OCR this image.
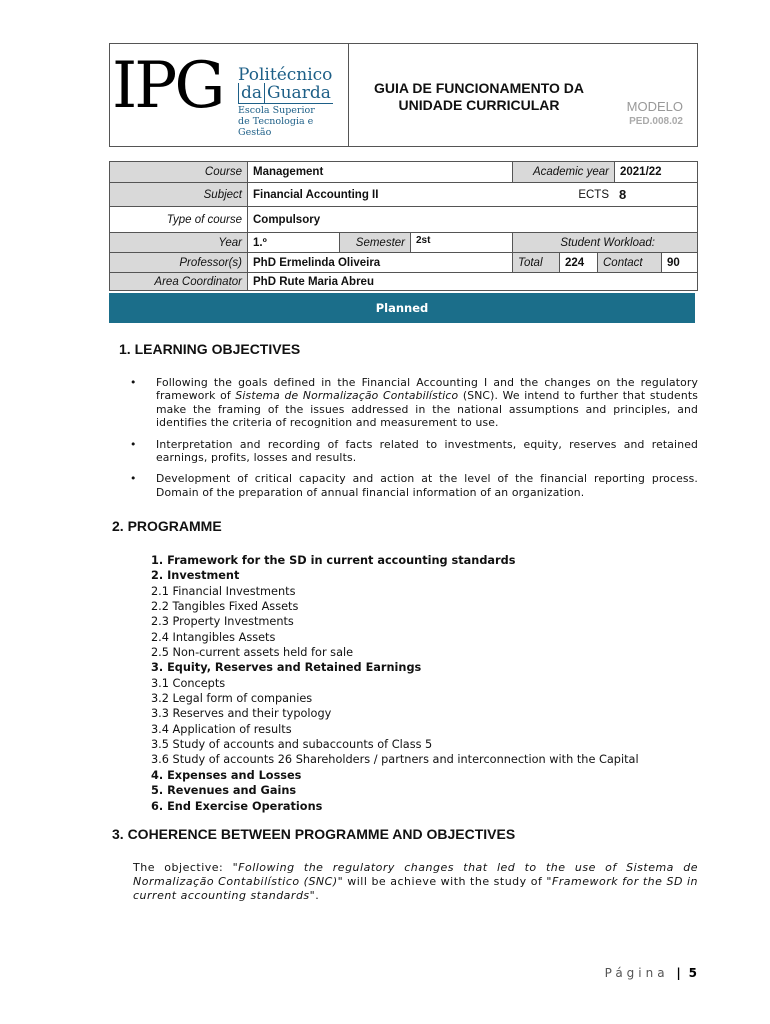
IPG Politécnico
da Guarda
Escola Superior
de Tecnologia e Gestão
GUIA DE FUNCIONAMENTO DA
UNIDADE CURRICULAR	MODELO
PED.008.02
Course Management	Academic year 2021/22
Subject Financial Accounting II	ECTS 8
Type of course Compulsory
Year 1.º	Semester	2st	Student Workload:
Professor(s) PhD Ermelinda Oliveira	Total	224	Contact	90
Area Coordinator PhD Rute Maria Abreu
Planned
1. LEARNING OBJECTIVES
•	Following the goals defined in the Financial Accounting I and the changes on the regulatory framework of Sistema de Normalização Contabilístico (SNC). We intend to further that students make the framing of the issues addressed in the national assumptions and principles, and identifies the criteria of recognition and measurement to use.
•	Interpretation and recording of facts related to investments, equity, reserves and retained earnings, profits, losses and results.
•	Development of critical capacity and action at the level of the financial reporting process. Domain of the preparation of annual financial information of an organization.
2. PROGRAMME
1. Framework for the SD in current accounting standards
2. Investment
2.1 Financial Investments
2.2 Tangibles Fixed Assets
2.3 Property Investments
2.4 Intangibles Assets
2.5 Non-current assets held for sale
3. Equity, Reserves and Retained Earnings
3.1 Concepts
3.2 Legal form of companies
3.3 Reserves and their typology
3.4 Application of results
3.5 Study of accounts and subaccounts of Class 5
3.6 Study of accounts 26 Shareholders / partners and interconnection with the Capital
4. Expenses and Losses
5. Revenues and Gains
6. End Exercise Operations
3. COHERENCE BETWEEN PROGRAMME AND OBJECTIVES
The objective: "Following the regulatory changes that led to the use of Sistema de Normalização Contabilístico (SNC)" will be achieve with the study of "Framework for the SD in current accounting standards".
Página | 5
